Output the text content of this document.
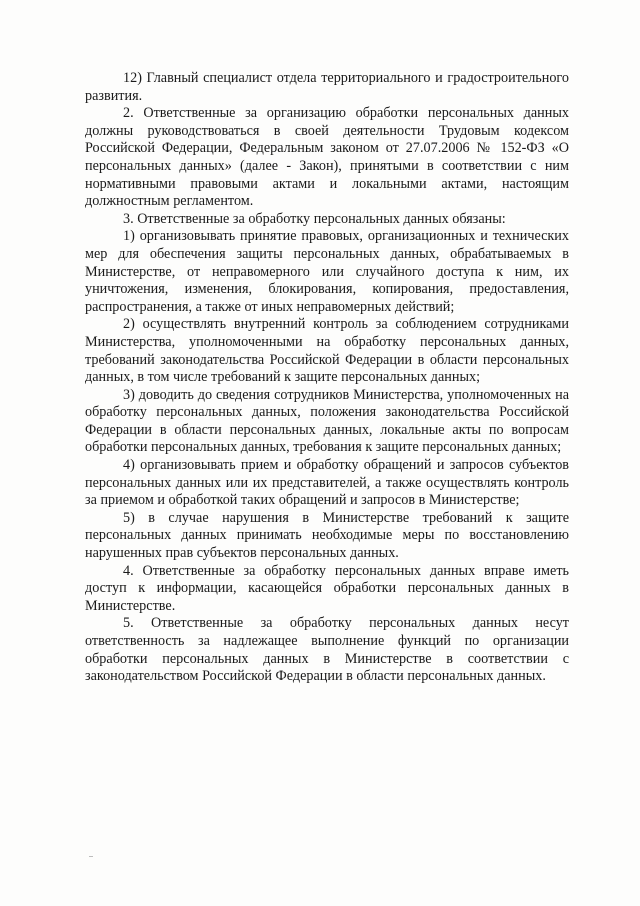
12) Главный специалист отдела территориального и градостроительного развития.

2. Ответственные за организацию обработки персональных данных должны руководствоваться в своей деятельности Трудовым кодексом Российской Федерации, Федеральным законом от 27.07.2006 № 152-ФЗ «О персональных данных» (далее - Закон), принятыми в соответствии с ним нормативными правовыми актами и локальными актами, настоящим должностным регламентом.

3. Ответственные за обработку персональных данных обязаны:

1) организовывать принятие правовых, организационных и технических мер для обеспечения защиты персональных данных, обрабатываемых в Министерстве, от неправомерного или случайного доступа к ним, их уничтожения, изменения, блокирования, копирования, предоставления, распространения, а также от иных неправомерных действий;

2) осуществлять внутренний контроль за соблюдением сотрудниками Министерства, уполномоченными на обработку персональных данных, требований законодательства Российской Федерации в области персональных данных, в том числе требований к защите персональных данных;

3) доводить до сведения сотрудников Министерства, уполномоченных на обработку персональных данных, положения законодательства Российской Федерации в области персональных данных, локальные акты по вопросам обработки персональных данных, требования к защите персональных данных;

4) организовывать прием и обработку обращений и запросов субъектов персональных данных или их представителей, а также осуществлять контроль за приемом и обработкой таких обращений и запросов в Министерстве;

5) в случае нарушения в Министерстве требований к защите персональных данных принимать необходимые меры по восстановлению нарушенных прав субъектов персональных данных.

4. Ответственные за обработку персональных данных вправе иметь доступ к информации, касающейся обработки персональных данных в Министерстве.

5. Ответственные за обработку персональных данных несут ответственность за надлежащее выполнение функций по организации обработки персональных данных в Министерстве в соответствии с законодательством Российской Федерации в области персональных данных.
